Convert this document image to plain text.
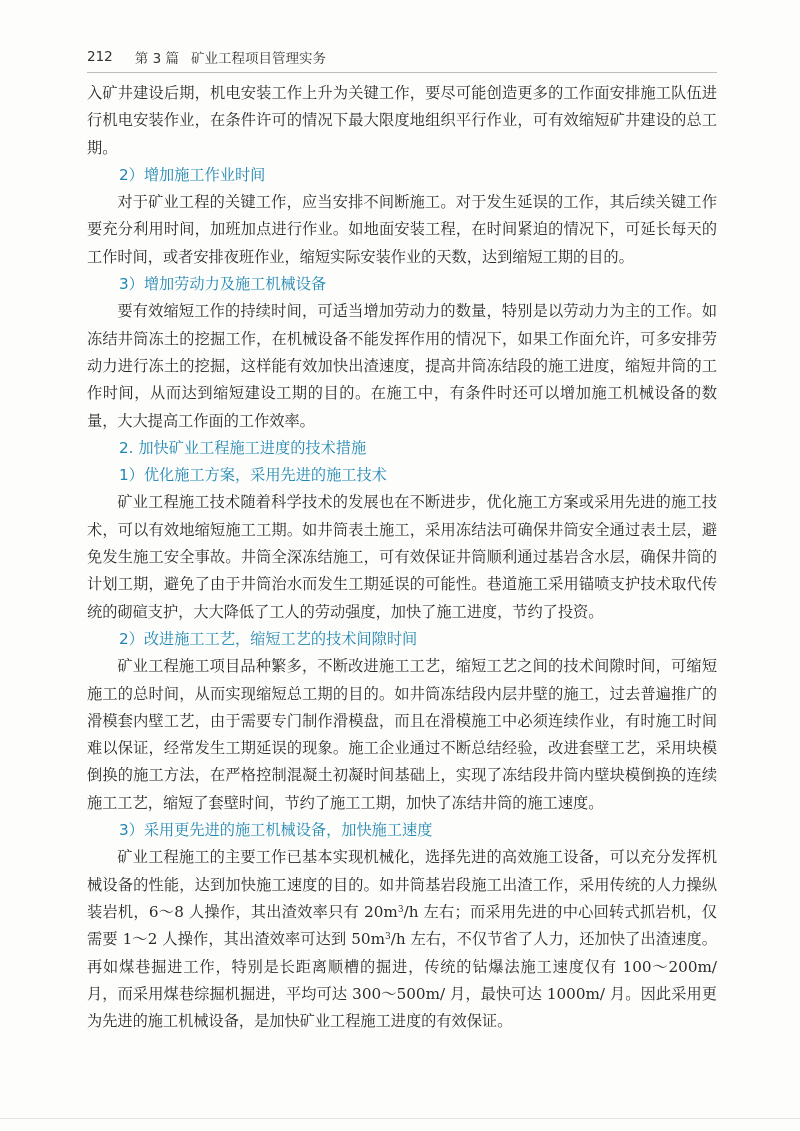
212 第 3 篇 矿业工程项目管理实务

入矿井建设后期，机电安装工作上升为关键工作，要尽可能创造更多的工作面安排施工队伍进行机电安装作业，在条件许可的情况下最大限度地组织平行作业，可有效缩短矿井建设的总工期。

2）增加施工作业时间

对于矿业工程的关键工作，应当安排不间断施工。对于发生延误的工作，其后续关键工作要充分利用时间，加班加点进行作业。如地面安装工程，在时间紧迫的情况下，可延长每天的工作时间，或者安排夜班作业，缩短实际安装作业的天数，达到缩短工期的目的。

3）增加劳动力及施工机械设备

要有效缩短工作的持续时间，可适当增加劳动力的数量，特别是以劳动力为主的工作。如冻结井筒冻土的挖掘工作，在机械设备不能发挥作用的情况下，如果工作面允许，可多安排劳动力进行冻土的挖掘，这样能有效加快出渣速度，提高井筒冻结段的施工进度，缩短井筒的工作时间，从而达到缩短建设工期的目的。在施工中，有条件时还可以增加施工机械设备的数量，大大提高工作面的工作效率。

2. 加快矿业工程施工进度的技术措施
1）优化施工方案，采用先进的施工技术

矿业工程施工技术随着科学技术的发展也在不断进步，优化施工方案或采用先进的施工技术，可以有效地缩短施工工期。如井筒表土施工，采用冻结法可确保井筒安全通过表土层，避免发生施工安全事故。井筒全深冻结施工，可有效保证井筒顺利通过基岩含水层，确保井筒的计划工期，避免了由于井筒治水而发生工期延误的可能性。巷道施工采用锚喷支护技术取代传统的砌碹支护，大大降低了工人的劳动强度，加快了施工进度，节约了投资。

2）改进施工工艺，缩短工艺的技术间隙时间

矿业工程施工项目品种繁多，不断改进施工工艺，缩短工艺之间的技术间隙时间，可缩短施工的总时间，从而实现缩短总工期的目的。如井筒冻结段内层井壁的施工，过去普遍推广的滑模套内壁工艺，由于需要专门制作滑模盘，而且在滑模施工中必须连续作业，有时施工时间难以保证，经常发生工期延误的现象。施工企业通过不断总结经验，改进套壁工艺，采用块模倒换的施工方法，在严格控制混凝土初凝时间基础上，实现了冻结段井筒内壁块模倒换的连续施工工艺，缩短了套壁时间，节约了施工工期，加快了冻结井筒的施工速度。

3）采用更先进的施工机械设备，加快施工速度

矿业工程施工的主要工作已基本实现机械化，选择先进的高效施工设备，可以充分发挥机械设备的性能，达到加快施工速度的目的。如井筒基岩段施工出渣工作，采用传统的人力操纵装岩机，6～8 人操作，其出渣效率只有 $20m^3/h$ 左右；而采用先进的中心回转式抓岩机，仅需要 1～2 人操作，其出渣效率可达到 $50m^3/h$ 左右，不仅节省了人力，还加快了出渣速度。再如煤巷掘进工作，特别是长距离顺槽的掘进，传统的钻爆法施工速度仅有 100～200m/ 月，而采用煤巷综掘机掘进，平均可达 300～500m/ 月，最快可达 1000m/ 月。因此采用更为先进的施工机械设备，是加快矿业工程施工进度的有效保证。
